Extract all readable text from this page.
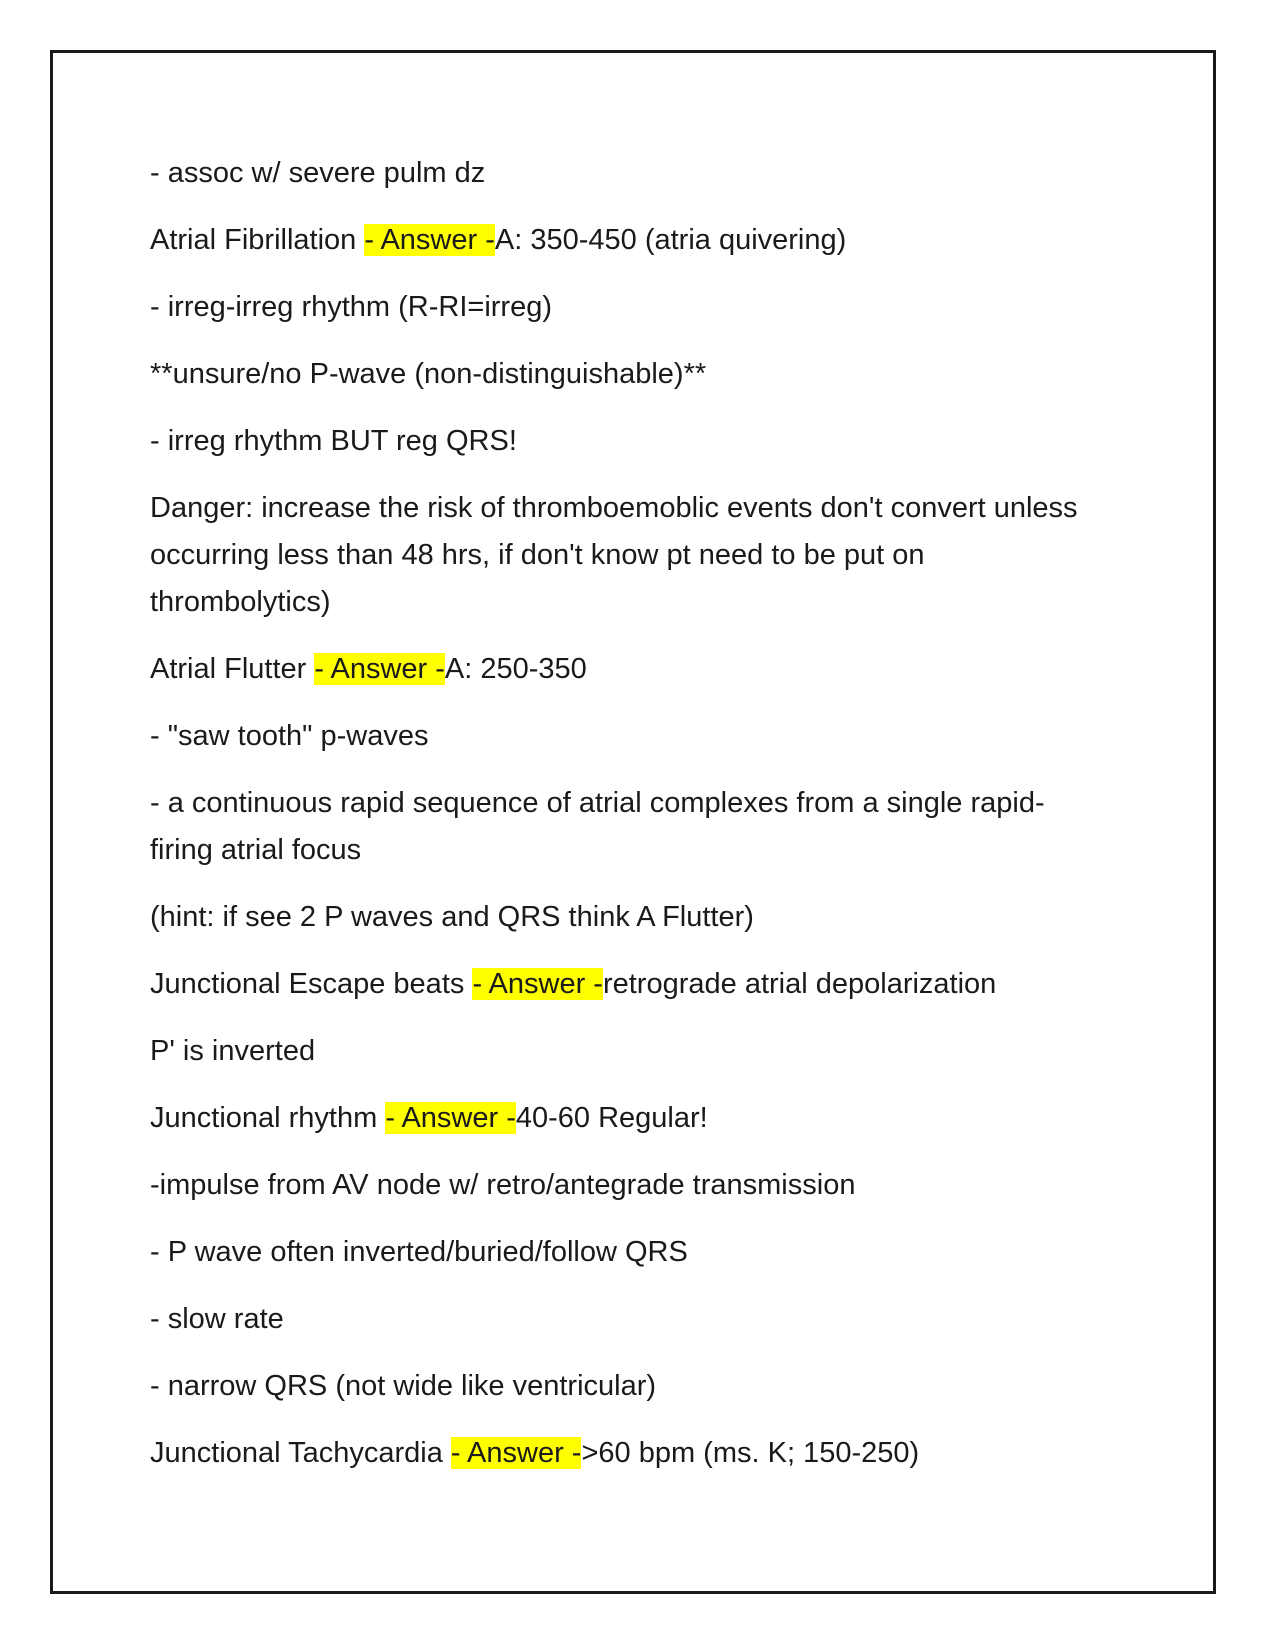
- assoc w/ severe pulm dz

Atrial Fibrillation - Answer -A: 350-450 (atria quivering)

- irreg-irreg rhythm (R-RI=irreg)

**unsure/no P-wave (non-distinguishable)**

- irreg rhythm BUT reg QRS!

Danger: increase the risk of thromboemoblic events don't convert unless occurring less than 48 hrs, if don't know pt need to be put on thrombolytics)

Atrial Flutter - Answer -A: 250-350

- "saw tooth" p-waves

- a continuous rapid sequence of atrial complexes from a single rapid-firing atrial focus

(hint: if see 2 P waves and QRS think A Flutter)

Junctional Escape beats - Answer -retrograde atrial depolarization

P' is inverted

Junctional rhythm - Answer -40-60 Regular!

-impulse from AV node w/ retro/antegrade transmission

- P wave often inverted/buried/follow QRS

- slow rate

- narrow QRS (not wide like ventricular)

Junctional Tachycardia - Answer ->60 bpm (ms. K; 150-250)
